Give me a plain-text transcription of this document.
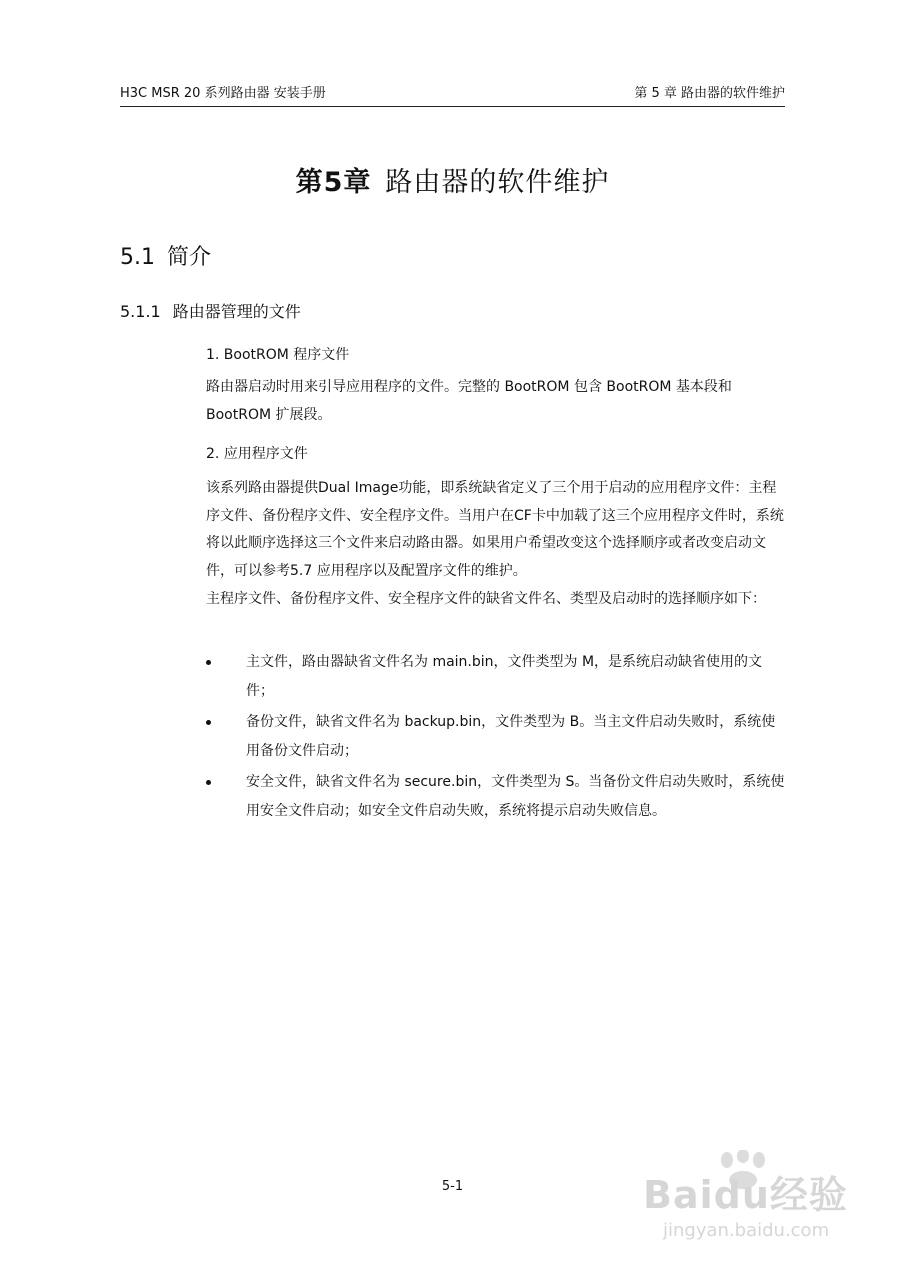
H3C MSR 20 系列路由器 安装手册	第 5 章 路由器的软件维护
第5章 路由器的软件维护
5.1 简介
5.1.1 路由器管理的文件
1. BootROM 程序文件

路由器启动时用来引导应用程序的文件。完整的 BootROM 包含 BootROM 基本段和 BootROM 扩展段。

2. 应用程序文件

该系列路由器提供Dual Image功能，即系统缺省定义了三个用于启动的应用程序文件：主程序文件、备份程序文件、安全程序文件。当用户在CF卡中加载了这三个应用程序文件时，系统将以此顺序选择这三个文件来启动路由器。如果用户希望改变这个选择顺序或者改变启动文件，可以参考5.7 应用程序以及配置序文件的维护。

主程序文件、备份程序文件、安全程序文件的缺省文件名、类型及启动时的选择顺序如下：

主文件，路由器缺省文件名为 main.bin，文件类型为 M，是系统启动缺省使用的文件；
备份文件，缺省文件名为 backup.bin，文件类型为 B。当主文件启动失败时，系统使用备份文件启动；
安全文件，缺省文件名为 secure.bin，文件类型为 S。当备份文件启动失败时，系统使用安全文件启动；如安全文件启动失败，系统将提示启动失败信息。
5-1	Baidu经验
jingyan.baidu.com
